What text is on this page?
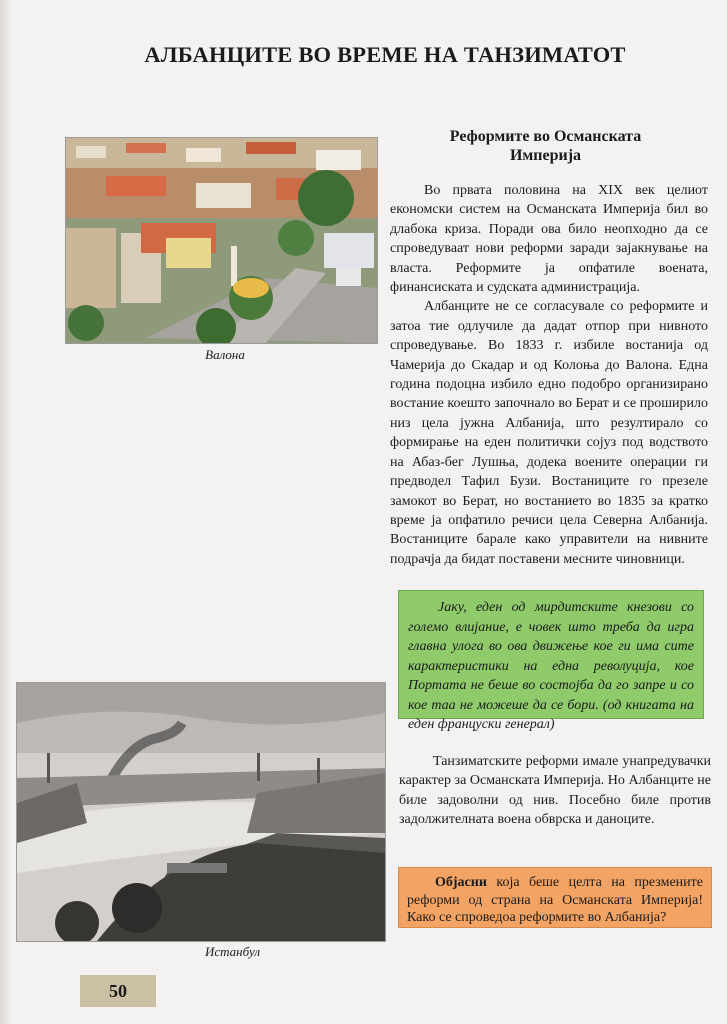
АЛБАНЦИТЕ ВО ВРЕМЕ НА ТАНЗИМАТОТ
Валона
Реформите во Османската
Империја

Во првата половина на XIX век целиот економски систем на Османската Империја бил во длабока криза. Поради ова било неопходно да се спроведуваат нови реформи заради зајакнување на власта. Реформите ја опфатиле воената, финансиската и судската администрација.

Албанците не се согласувале со реформите и затоа тие одлучиле да дадат отпор при нивното спроведување. Во 1833 г. избиле востанија од Чамерија до Скадар и од Колоња до Валона. Една година подоцна избило едно подобро организирано востание коешто започнало во Берат и се проширило низ цела јужна Албанија, што резултирало со формирање на еден политички сојуз под водството на Абаз-бег Лушња, додека воените операции ги предводел Тафил Бузи. Востаниците го презеле замокот во Берат, но востанието во 1835 за кратко време ја опфатило речиси цела Северна Албанија. Востаниците барале како управители на нивните подрачја да бидат поставени месните чиновници.

Јаку, еден од мирдитските кнезови со големо влијание, е човек што треба да игра главна улога во ова движење кое ги има сите карактеристики на една револуција, кое Портата не беше во состојба да го запре и со кое таа не можеше да се бори. (од книгата на еден француски генерал)
Истанбул

Танзиматските реформи имале унапредувачки карактер за Османската Империја. Но Албанците не биле задоволни од нив. Посебно биле против задолжителната воена обврска и даноците.

Објасни која беше целта на презмените реформи од страна на Османската Империја! Како се спроведоа реформите во Албанија?
50
